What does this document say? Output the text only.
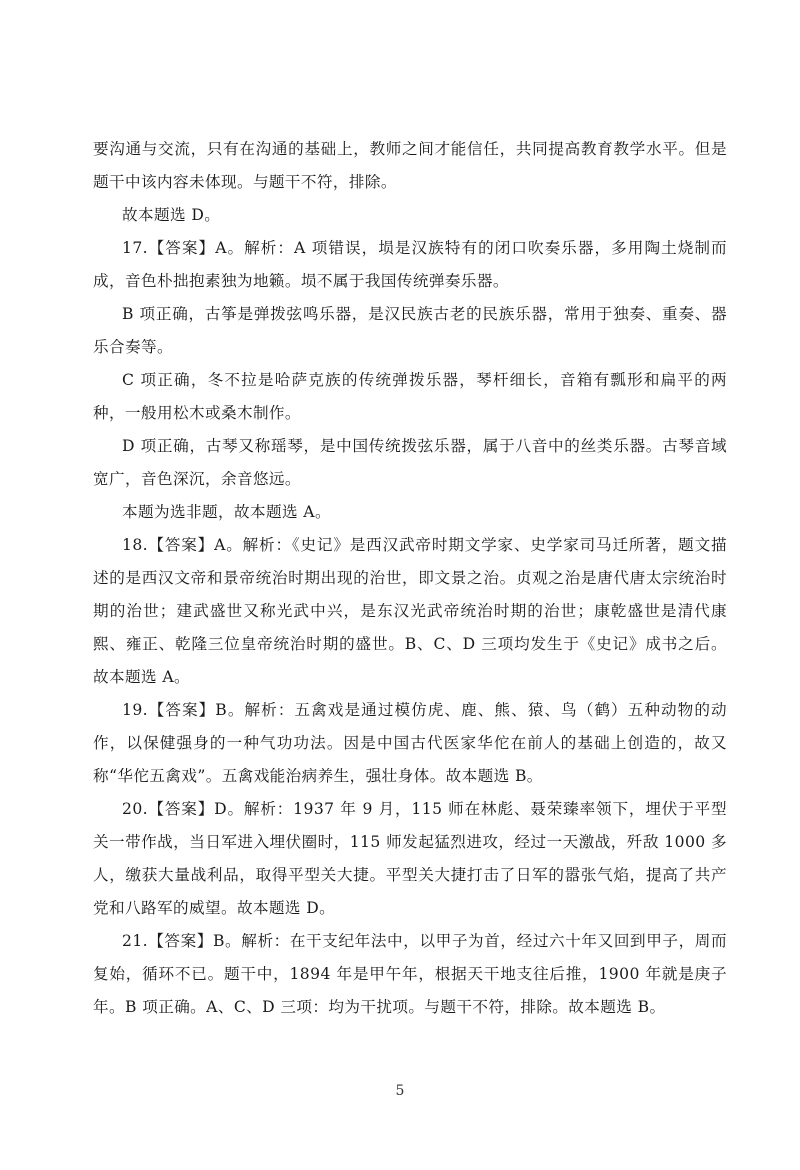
要沟通与交流，只有在沟通的基础上，教师之间才能信任，共同提高教育教学水平。但是题干中该内容未体现。与题干不符，排除。

故本题选 D。

17.【答案】A。解析：A 项错误，埙是汉族特有的闭口吹奏乐器，多用陶土烧制而成，音色朴拙抱素独为地籁。埙不属于我国传统弹奏乐器。

B 项正确，古筝是弹拨弦鸣乐器，是汉民族古老的民族乐器，常用于独奏、重奏、器乐合奏等。

C 项正确，冬不拉是哈萨克族的传统弹拨乐器，琴杆细长，音箱有瓢形和扁平的两种，一般用松木或桑木制作。

D 项正确，古琴又称瑶琴，是中国传统拨弦乐器，属于八音中的丝类乐器。古琴音域宽广，音色深沉，余音悠远。

本题为选非题，故本题选 A。

18.【答案】A。解析：《史记》是西汉武帝时期文学家、史学家司马迁所著，题文描述的是西汉文帝和景帝统治时期出现的治世，即文景之治。贞观之治是唐代唐太宗统治时期的治世；建武盛世又称光武中兴，是东汉光武帝统治时期的治世；康乾盛世是清代康熙、雍正、乾隆三位皇帝统治时期的盛世。B、C、D 三项均发生于《史记》成书之后。故本题选 A。

19.【答案】B。解析：五禽戏是通过模仿虎、鹿、熊、猿、鸟（鹤）五种动物的动作，以保健强身的一种气功功法。因是中国古代医家华佗在前人的基础上创造的，故又称“华佗五禽戏”。五禽戏能治病养生，强壮身体。故本题选 B。

20.【答案】D。解析：1937 年 9 月，115 师在林彪、聂荣臻率领下，埋伏于平型关一带作战，当日军进入埋伏圈时，115 师发起猛烈进攻，经过一天激战，歼敌 1000 多人，缴获大量战利品，取得平型关大捷。平型关大捷打击了日军的嚣张气焰，提高了共产党和八路军的威望。故本题选 D。

21.【答案】B。解析：在干支纪年法中，以甲子为首，经过六十年又回到甲子，周而复始，循环不已。题干中，1894 年是甲午年，根据天干地支往后推，1900 年就是庚子年。B 项正确。A、C、D 三项：均为干扰项。与题干不符，排除。故本题选 B。

5
